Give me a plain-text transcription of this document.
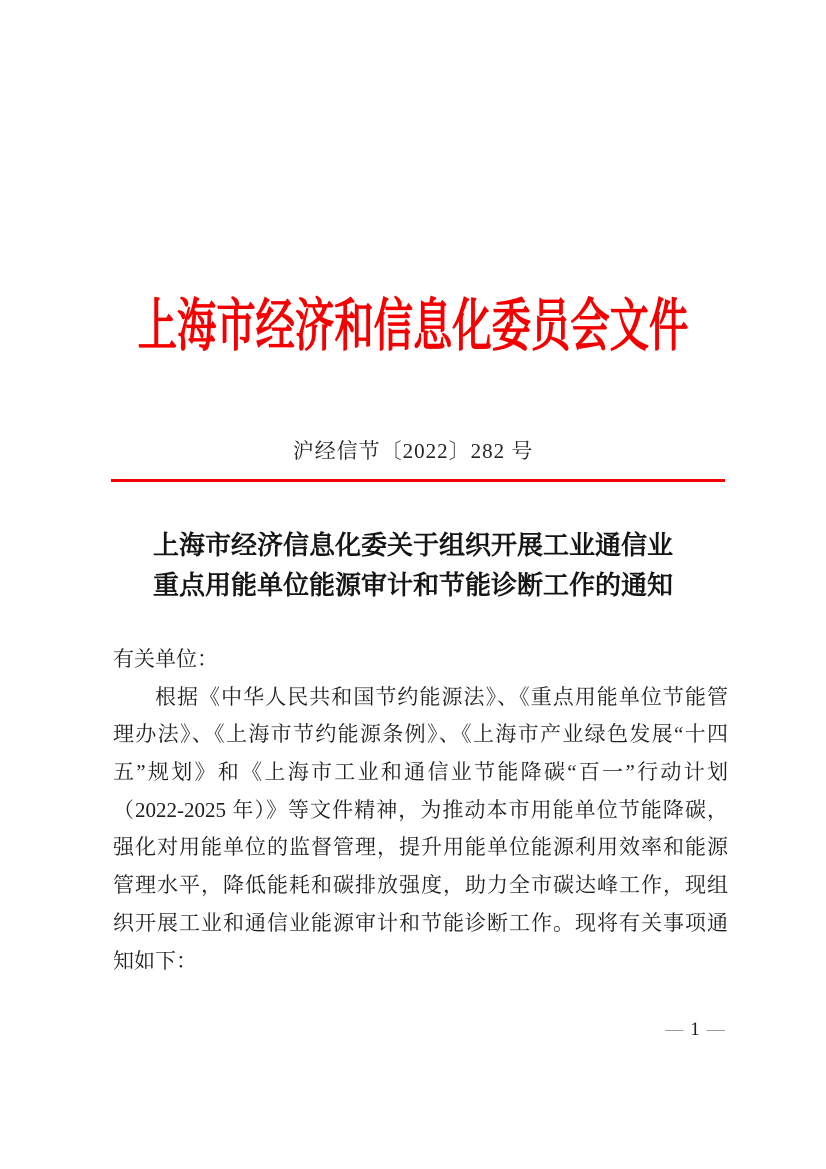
上海市经济和信息化委员会文件
沪经信节〔2022〕282 号
上海市经济信息化委关于组织开展工业通信业
重点用能单位能源审计和节能诊断工作的通知
有关单位：
根据《中华人民共和国节约能源法》、《重点用能单位节能管
理办法》、《上海市节约能源条例》、《上海市产业绿色发展“十四
五”规划》和《上海市工业和通信业节能降碳“百一”行动计划
（2022-2025 年）》等文件精神，为推动本市用能单位节能降碳，
强化对用能单位的监督管理，提升用能单位能源利用效率和能源
管理水平，降低能耗和碳排放强度，助力全市碳达峰工作，现组
织开展工业和通信业能源审计和节能诊断工作。现将有关事项通
知如下：
— 1 —
